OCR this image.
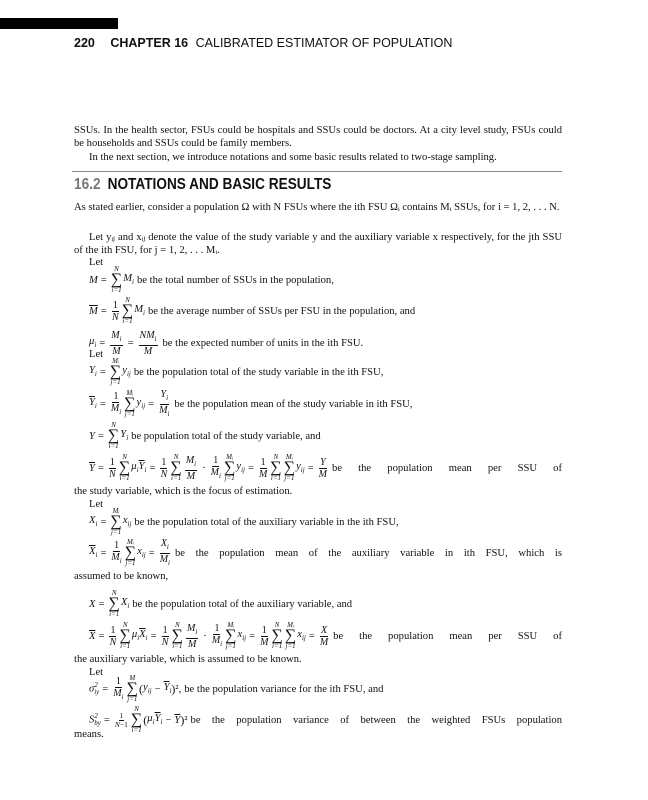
220 CHAPTER 16 CALIBRATED ESTIMATOR OF POPULATION
SSUs. In the health sector, FSUs could be hospitals and SSUs could be doctors. At a city level study, FSUs could be households and SSUs could be family members.
In the next section, we introduce notations and some basic results related to two-stage sampling.
16.2 NOTATIONS AND BASIC RESULTS
As stated earlier, consider a population Ω with N FSUs where the ith FSU Ωᵢ contains Mᵢ SSUs, for i = 1, 2, . . . N.
Let yᵢⱼ and xᵢⱼ denote the value of the study variable y and the auxiliary variable x respectively, for the jth SSU of the ith FSU, for j = 1, 2, . . . Mᵢ.
Let
Let
Let
Let
the study variable, which is the focus of estimation.
assumed to be known,
the auxiliary variable, which is assumed to be known.
means.
M =
N
∑
i=1
$M_i$ be the total number of SSUs in the population,
$\overline{M} = \frac{1}{N}$ N
∑
i=1
$M_i$ be the average number of SSUs per FSU in the population, and
$\mu_i = \frac{M_i}{M} = \frac{NM_i}{M}$ be the expected number of units in the ith FSU.
$Y_i$ =
Mᵢ
∑
j=1
$y_{ij}$ be the population total of the study variable in the ith FSU,
$\overline{Y}_i = \frac{1}{M_i}$ Mᵢ
∑
j=1
$y_{ij} = \frac{Y_i}{M_i}$ be the population mean of the study variable in ith FSU,
Y =
N
∑
i=1
$Y_i$ be population total of the study variable, and
$\overline{Y} = \frac{1}{N}$ N
∑
i=1
$\mu_i$ $\overline{Y}_i = \frac{1}{N}$ N
∑
$i=1 \frac{M_i}{M} \cdot \frac{1}{M_i}$ Mᵢ
∑
j=1
$y_{ij} = \frac{1}{M}$ N
∑
i=1
Mᵢ
∑
j=1
$y_{ij} = \frac{Y}{M}$ be the population mean per SSU of
$X_i$ =
Mᵢ
∑
j=1
$x_{ij}$ be the population total of the auxiliary variable in the ith FSU,
$\overline{X}_i = \frac{1}{M_i}$ Mᵢ
∑
j=1
$x_{ij} = \frac{X_i}{M_i}$ be the population mean of the auxiliary variable in ith FSU, which is
X =
N
∑
i=1
$X_i$ be the population total of the auxiliary variable, and
$\overline{X} = \frac{1}{N}$ N
∑
i=1
$\mu_i$ $\overline{X}_i = \frac{1}{N}$ N
∑
$i=1 \frac{M_i}{M} \cdot \frac{1}{M_i}$ Mᵢ
∑
j=1
$x_{ij} = \frac{1}{M}$ N
∑
i=1
Mᵢ
∑
j=1
$x_{ij} = \frac{X}{M}$ be the population mean per SSU of
σ 2
iy = $\frac{1}{M_i}$ M
∑
j=1
( $y_{ij} - \overline{Y}_i$ ) ², be the population variance for the ith FSU, and
S 2
by = $\frac{1}{N-1}$
N
∑
i=1
( $\mu_i$ $\overline{Y}_i - \overline{Y}$ ) ² be the population variance of between the weighted FSUs population
